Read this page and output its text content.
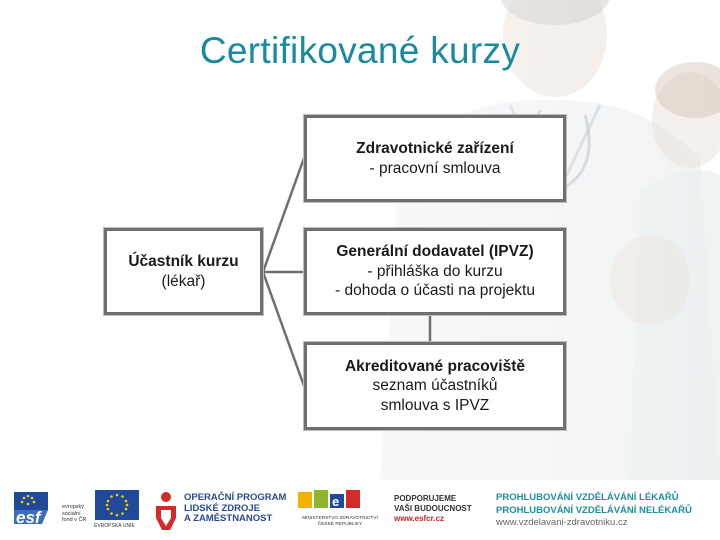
Certifikované kurzy
Účastník kurzu
(lékař)
Zdravotnické zařízení
- pracovní smlouva
Generální dodavatel (IPVZ)
- přihláška do kurzu
- dohoda o účasti na projektu
Akreditované pracoviště
seznam účastníků
smlouva s IPVZ
esf
evropský
sociální
fond v ČR
EVROPSKÁ UNIE
OPERAČNÍ PROGRAM
LIDSKÉ ZDROJE
A ZAMĚSTNANOST
e
MINISTERSTVO ZDRAVOTNICTVÍ
ČESKÉ REPUBLIKY
PODPORUJEME
VAŠI BUDOUCNOST
www.esfcr.cz
PROHLUBOVÁNÍ VZDĚLÁVÁNÍ LÉKAŘŮ
PROHLUBOVÁNÍ VZDĚLÁVÁNÍ NELÉKAŘŮ
www.vzdelavani-zdravotniku.cz
